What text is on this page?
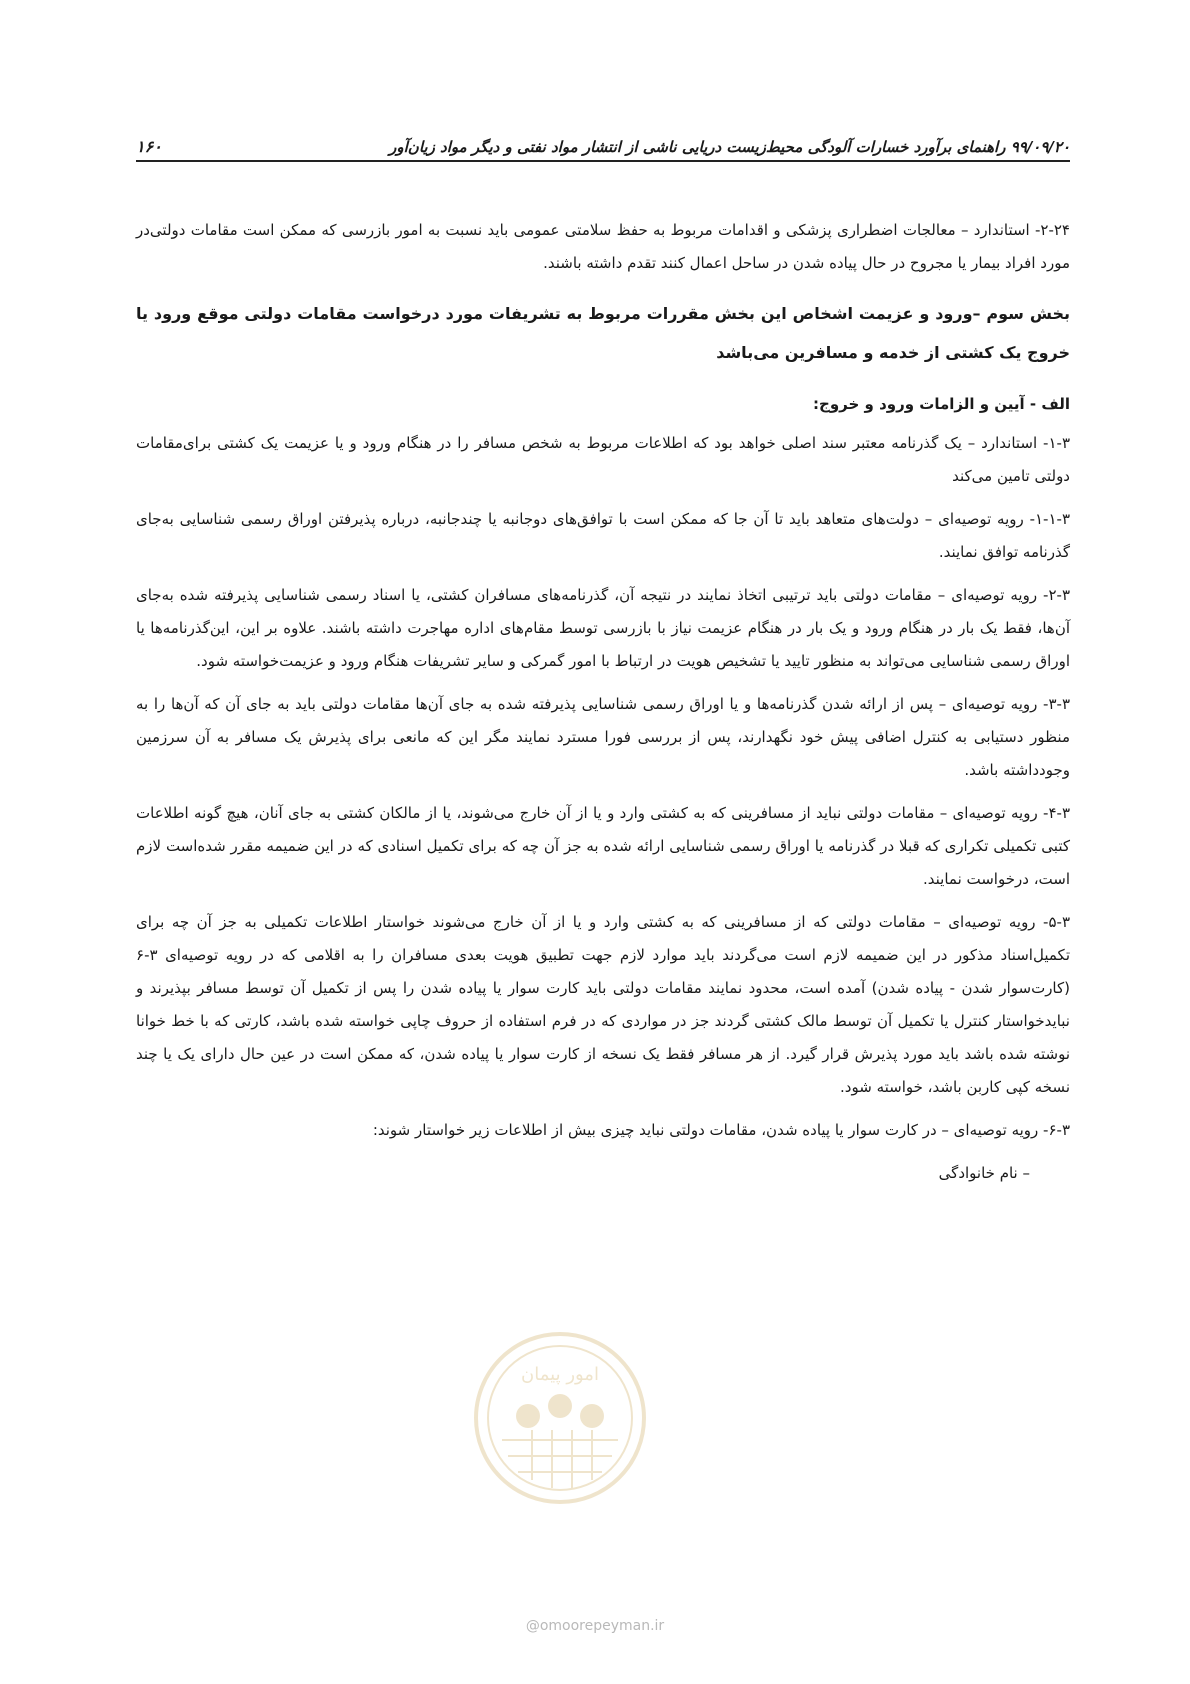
۹۹/۰۹/۲۰ راهنمای برآورد خسارات آلودگی محیط‌زیست دریایی ناشی از انتشار مواد نفتی و دیگر مواد زیان‌آور
۱۶۰

۲-۲۴- استاندارد – معالجات اضطراری پزشکی و اقدامات مربوط به حفظ سلامتی عمومی باید نسبت به امور بازرسی که ممکن است مقامات دولتی‌در مورد افراد بیمار یا مجروح در حال پیاده شدن در ساحل اعمال کنند تقدم داشته باشند.

بخش سوم –ورود و عزیمت اشخاص این بخش مقررات مربوط به تشریفات مورد درخواست مقامات دولتی موقع ورود یا خروج یک کشتی از خدمه و مسافرین می‌باشد

الف - آیین و الزامات ورود و خروج:

۱-۳- استاندارد – یک گذرنامه معتبر سند اصلی خواهد بود که اطلاعات مربوط به شخص مسافر را در هنگام ورود و یا عزیمت یک کشتی برای‌مقامات دولتی تامین می‌کند

۱-۱-۳- رویه توصیه‌ای – دولت‌های متعاهد باید تا آن جا که ممکن است با توافق‌های دوجانبه یا چندجانبه، درباره پذیرفتن اوراق رسمی شناسایی به‌جای گذرنامه توافق نمایند.

۲-۳- رویه توصیه‌ای – مقامات دولتی باید ترتیبی اتخاذ نمایند در نتیجه آن، گذرنامه‌های مسافران کشتی، یا اسناد رسمی شناسایی پذیرفته شده به‌جای آن‌ها، فقط یک بار در هنگام ورود و یک بار در هنگام عزیمت نیاز با بازرسی توسط مقام‌های اداره مهاجرت داشته باشند. علاوه بر این، این‌گذرنامه‌ها یا اوراق رسمی شناسایی می‌تواند به منظور تایید یا تشخیص هویت در ارتباط با امور گمرکی و سایر تشریفات هنگام ورود و عزیمت‌خواسته شود.

۳-۳- رویه توصیه‌ای – پس از ارائه شدن گذرنامه‌ها و یا اوراق رسمی شناسایی پذیرفته شده به جای آن‌ها مقامات دولتی باید به جای آن که آن‌ها را به منظور دستیابی به کنترل اضافی پیش خود نگهدارند، پس از بررسی فورا مسترد نمایند مگر این که مانعی برای پذیرش یک مسافر به آن سرزمین وجودداشته باشد.

۴-۳- رویه توصیه‌ای – مقامات دولتی نباید از مسافرینی که به کشتی وارد و یا از آن خارج می‌شوند، یا از مالکان کشتی به جای آنان، هیچ گونه اطلاعات کتبی تکمیلی تکراری که قبلا در گذرنامه یا اوراق رسمی شناسایی ارائه شده به جز آن چه که برای تکمیل اسنادی که در این ضمیمه مقرر شده‌است لازم است، درخواست نمایند.

۵-۳- رویه توصیه‌ای – مقامات دولتی که از مسافرینی که به کشتی وارد و یا از آن خارج می‌شوند خواستار اطلاعات تکمیلی به جز آن چه برای تکمیل‌اسناد مذکور در این ضمیمه لازم است می‌گردند باید موارد لازم جهت تطبیق هویت بعدی مسافران را به اقلامی که در رویه توصیه‌ای ۳-۶ (کارت‌سوار شدن - پیاده شدن) آمده است، محدود نمایند مقامات دولتی باید کارت سوار یا پیاده شدن را پس از تکمیل آن توسط مسافر بپذیرند و نباید‌خواستار کنترل یا تکمیل آن توسط مالک کشتی گردند جز در مواردی که در فرم استفاده از حروف چاپی خواسته شده باشد، کارتی که با خط خوانا نوشته شده باشد باید مورد پذیرش قرار گیرد. از هر مسافر فقط یک نسخه از کارت سوار یا پیاده شدن، که ممکن است در عین حال دارای یک یا چند نسخه کپی کاربن باشد، خواسته شود.

۶-۳- رویه توصیه‌ای – در کارت سوار یا پیاده شدن، مقامات دولتی نباید چیزی بیش از اطلاعات زیر خواستار شوند:

– نام خانوادگی
امور پیمان
@omoorepeyman.ir
